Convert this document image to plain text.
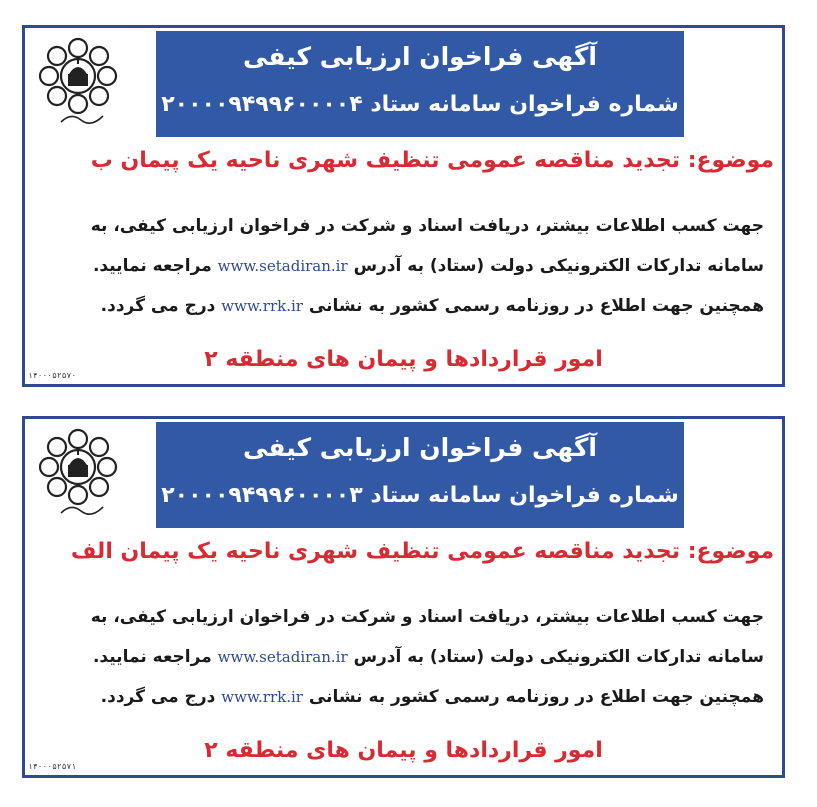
آگهی فراخوان ارزیابی کیفی
شماره فراخوان سامانه ستاد ۲۰۰۰۰۹۴۹۹۶۰۰۰۰۴
موضوع: تجدید مناقصه عمومی تنظیف شهری ناحیه یک پیمان ب
جهت کسب اطلاعات بیشتر، دریافت اسناد و شرکت در فراخوان ارزیابی کیفی، به
سامانه تدارکات الکترونیکی دولت (ستاد) به آدرس www.setadiran.ir مراجعه نمایید.
همچنین جهت اطلاع در روزنامه رسمی کشور به نشانی www.rrk.ir درج می گردد.
امور قراردادها و پیمان های منطقه ۲
۱۴۰۰۰۵۲۵۷۰
آگهی فراخوان ارزیابی کیفی
شماره فراخوان سامانه ستاد ۲۰۰۰۰۹۴۹۹۶۰۰۰۰۳
موضوع: تجدید مناقصه عمومی تنظیف شهری ناحیه یک پیمان الف
جهت کسب اطلاعات بیشتر، دریافت اسناد و شرکت در فراخوان ارزیابی کیفی، به
سامانه تدارکات الکترونیکی دولت (ستاد) به آدرس www.setadiran.ir مراجعه نمایید.
همچنین جهت اطلاع در روزنامه رسمی کشور به نشانی www.rrk.ir درج می گردد.
امور قراردادها و پیمان های منطقه ۲
۱۴۰۰۰۵۲۵۷۱
